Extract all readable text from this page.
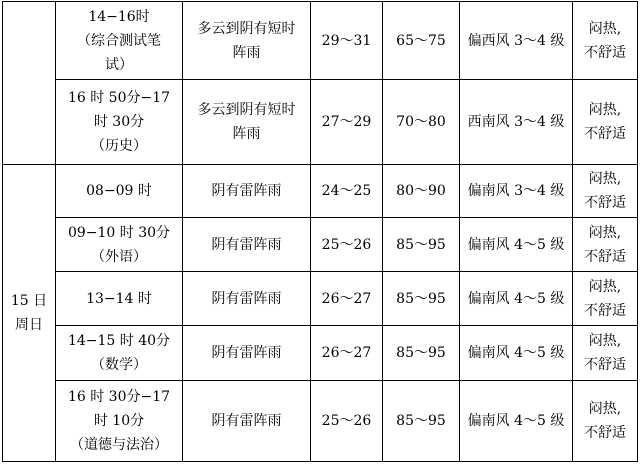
	14−16时
（综合测试笔
试）	多云到阴有短时
阵雨	29～31	65～75	偏西风 3～4 级	闷热,
不舒适

	16 时 50分−17
时 30分
（历史）	多云到阴有短时
阵雨	27～29	70～80	西南风 3～4 级	闷热,
不舒适

15 日
周日	08−09 时	阴有雷阵雨	24～25	80～90	偏南风 3～4 级	闷热,
不舒适

	09−10 时 30分
（外语）	阴有雷阵雨	25～26	85～95	偏南风 4～5 级	闷热,
不舒适

	13−14 时	阴有雷阵雨	26～27	85～95	偏南风 4～5 级	闷热,
不舒适

	14−15 时 40分
（数学）	阴有雷阵雨	26～27	85～95	偏南风 4～5 级	闷热,
不舒适

	16 时 30分−17
时 10分
（道德与法治）	阴有雷阵雨	25～26	85～95	偏南风 4～5 级	闷热,
不舒适
